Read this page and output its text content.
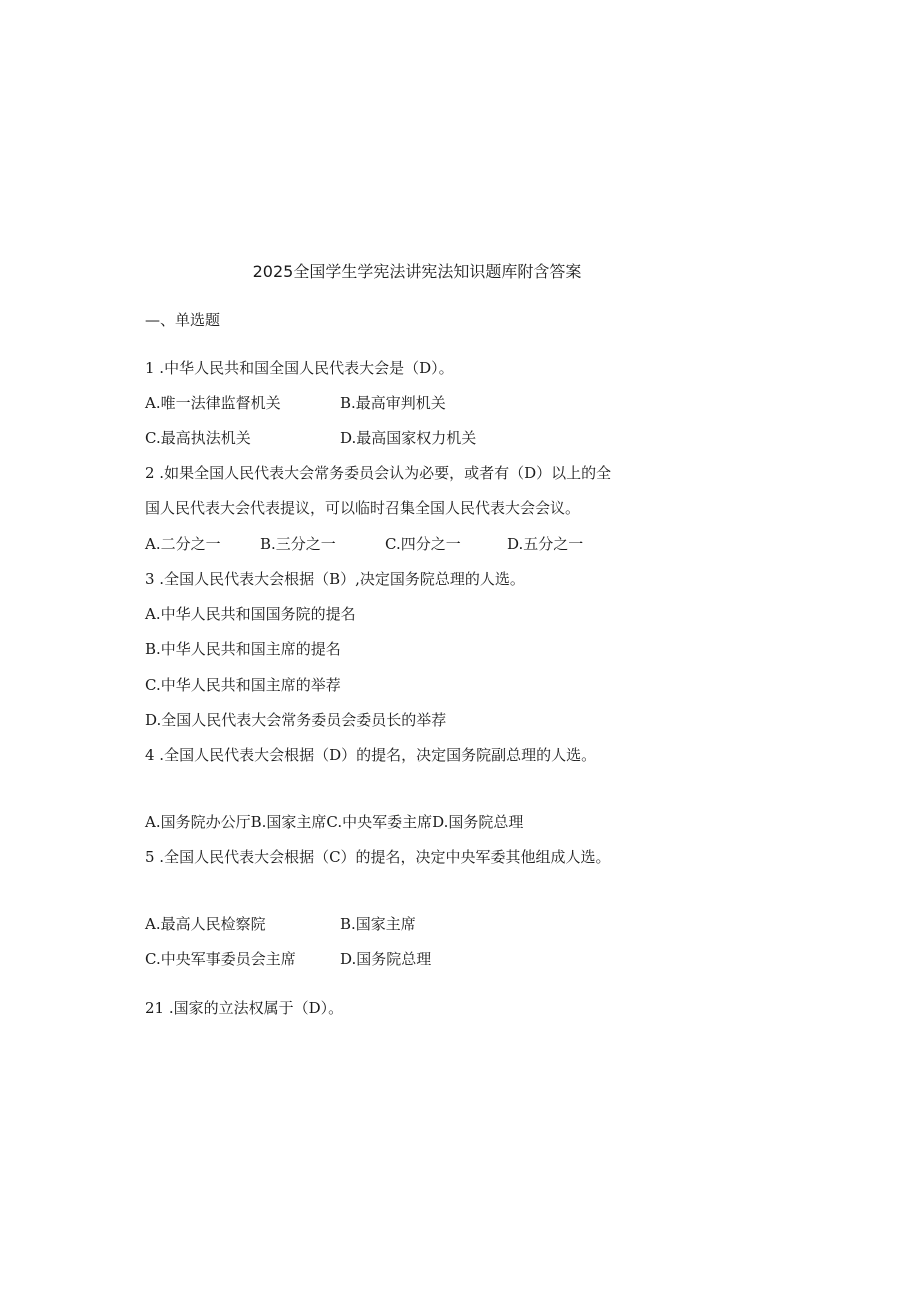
2025全国学生学宪法讲宪法知识题库附含答案
—、单选题
1 .中华人民共和国全国人民代表大会是（D）。
A.唯一法律监督机关	B.最高审判机关
C.最高执法机关	D.最高国家权力机关
2 .如果全国人民代表大会常务委员会认为必要，或者有（D）以上的全
国人民代表大会代表提议，可以临时召集全国人民代表大会会议。
A.二分之一	B.三分之一	C.四分之一	D.五分之一
3 .全国人民代表大会根据（B）,决定国务院总理的人选。
A.中华人民共和国国务院的提名
B.中华人民共和国主席的提名
C.中华人民共和国主席的举荐
D.全国人民代表大会常务委员会委员长的举荐
4 .全国人民代表大会根据（D）的提名，决定国务院副总理的人选。
A.国务院办公厅B.国家主席C.中央军委主席D.国务院总理
5 .全国人民代表大会根据（C）的提名，决定中央军委其他组成人选。
A.最高人民检察院	B.国家主席
C.中央军事委员会主席	D.国务院总理
21 .国家的立法权属于（D）。
